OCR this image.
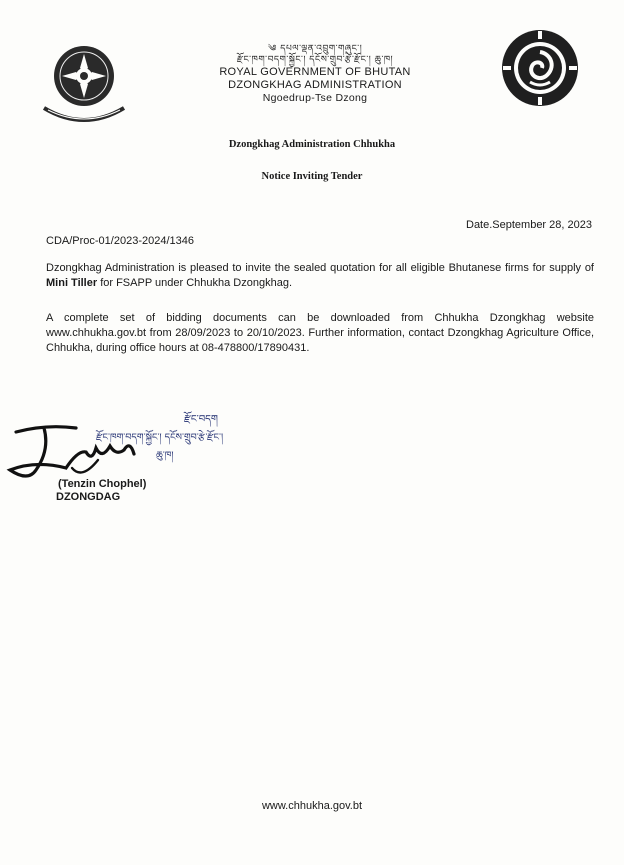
༄ དཔལ་ལྡན་འབྲུག་གཞུང་།
རྫོང་ཁག་བདག་སྐྱོང་། དངོས་གྲུབ་རྩེ་རྫོང་། ཆུ་ཁ།
ROYAL GOVERNMENT OF BHUTAN
DZONGKHAG ADMINISTRATION
Ngoedrup-Tse Dzong
Dzongkhag Administration Chhukha
Notice Inviting Tender
Date.September 28, 2023
CDA/Proc-01/2023-2024/1346

Dzongkhag Administration is pleased to invite the sealed quotation for all eligible Bhutanese firms for supply of Mini Tiller for FSAPP under Chhukha Dzongkhag.

A complete set of bidding documents can be downloaded from Chhukha Dzongkhag website www.chhukha.gov.bt from 28/09/2023 to 20/10/2023. Further information, contact Dzongkhag Agriculture Office, Chhukha, during office hours at 08-478800/17890431.

རྫོང་བདག
རྫོང་ཁག་བདག་སྐྱོང་། དངོས་གྲུབ་རྩེ་རྫོང་།
ཆུ་ཁ།
(Tenzin Chophel)
DZONGDAG
www.chhukha.gov.bt
